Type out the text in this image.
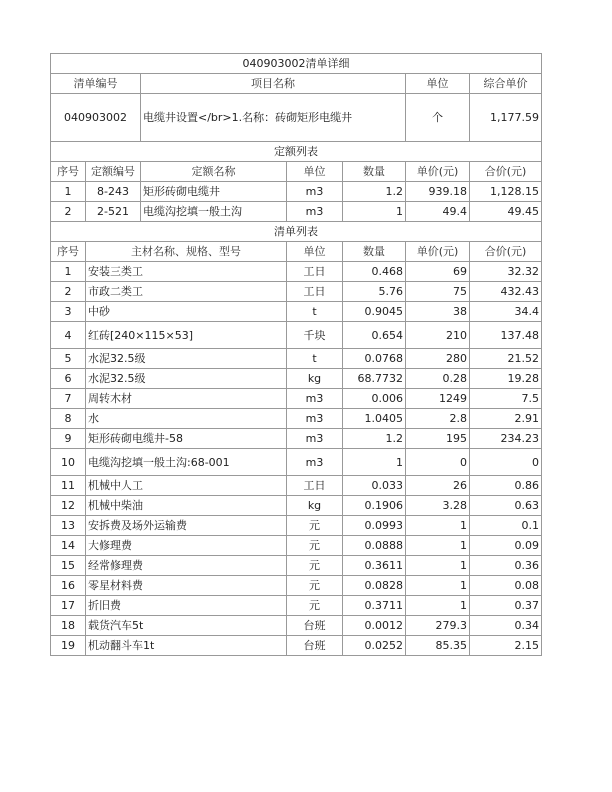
040903002清单详细						
清单编号		项目名称			单位	综合单价
040903002		电缆井设置</br>1.名称：砖砌矩形电缆井			个	1,177.59
定额列表						
序号	定额编号	定额名称	单位	数量	单价(元)	合价(元)
1	8-243	矩形砖砌电缆井	m3	1.2	939.18	1,128.15
2	2-521	电缆沟挖填一般土沟	m3	1	49.4	49.45
清单列表						
序号	主材名称、规格、型号		单位	数量	单价(元)	合价(元)
1	安装三类工		工日	0.468	69	32.32
2	市政二类工		工日	5.76	75	432.43
3	中砂		t	0.9045	38	34.4
4	红砖[240×115×53]		千块	0.654	210	137.48
5	水泥32.5级		t	0.0768	280	21.52
6	水泥32.5级		kg	68.7732	0.28	19.28
7	周转木材		m3	0.006	1249	7.5
8	水		m3	1.0405	2.8	2.91
9	矩形砖砌电缆井-58		m3	1.2	195	234.23
10	电缆沟挖填一般土沟:68-001		m3	1	0	0
11	机械中人工		工日	0.033	26	0.86
12	机械中柴油		kg	0.1906	3.28	0.63
13	安拆费及场外运输费		元	0.0993	1	0.1
14	大修理费		元	0.0888	1	0.09
15	经常修理费		元	0.3611	1	0.36
16	零星材料费		元	0.0828	1	0.08
17	折旧费		元	0.3711	1	0.37
18	载货汽车5t		台班	0.0012	279.3	0.34
19	机动翻斗车1t		台班	0.0252	85.35	2.15
